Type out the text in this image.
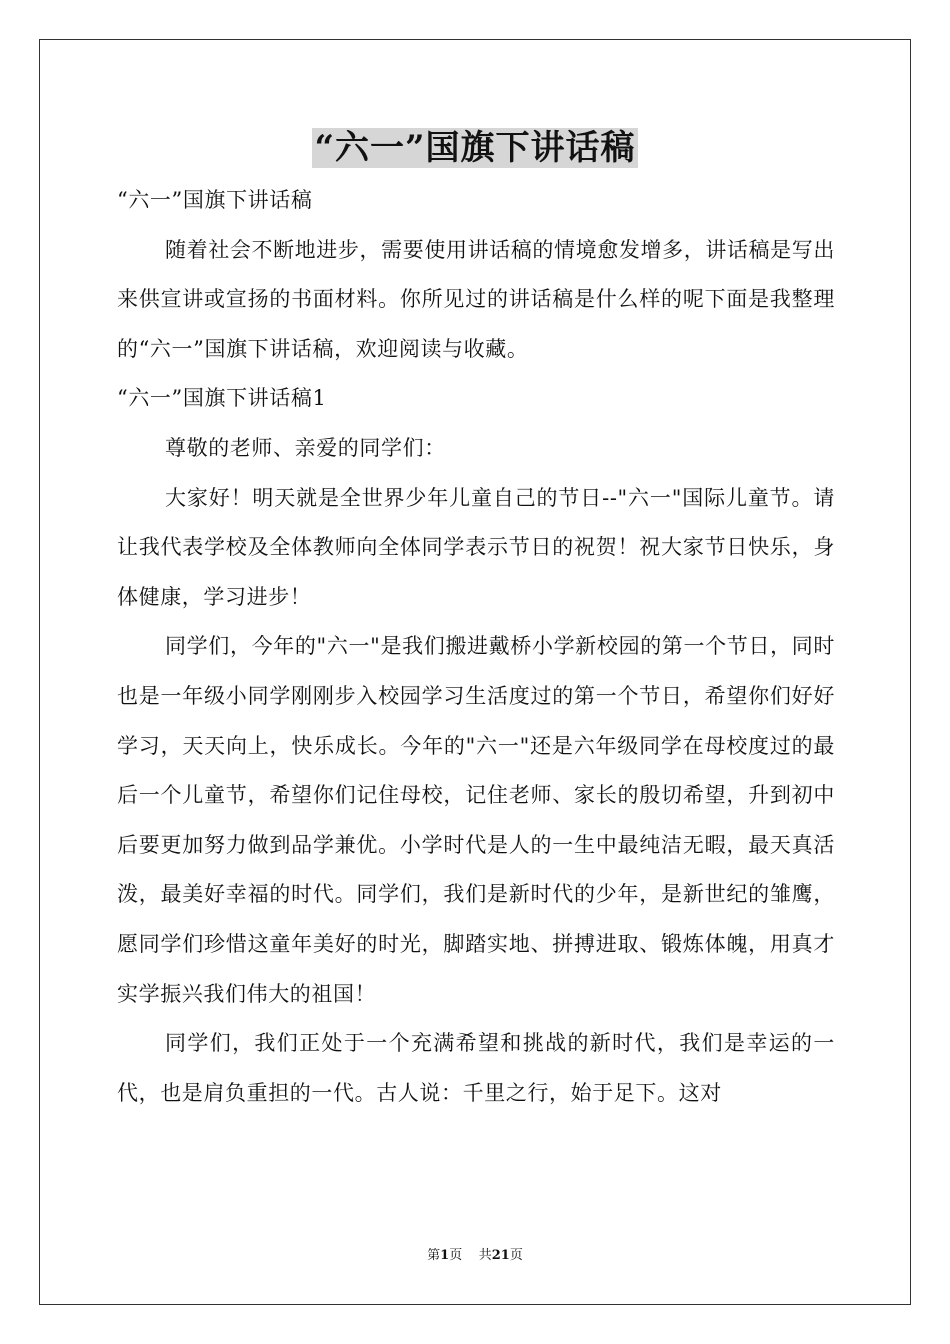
“六一”国旗下讲话稿

“六一”国旗下讲话稿

随着社会不断地进步，需要使用讲话稿的情境愈发增多，讲话稿是写出来供宣讲或宣扬的书面材料。你所见过的讲话稿是什么样的呢下面是我整理的“六一”国旗下讲话稿，欢迎阅读与收藏。

“六一”国旗下讲话稿1

尊敬的老师、亲爱的同学们：

大家好！明天就是全世界少年儿童自己的节日--"六一"国际儿童节。请让我代表学校及全体教师向全体同学表示节日的祝贺！祝大家节日快乐，身体健康，学习进步！

同学们，今年的"六一"是我们搬进戴桥小学新校园的第一个节日，同时也是一年级小同学刚刚步入校园学习生活度过的第一个节日，希望你们好好学习，天天向上，快乐成长。今年的"六一"还是六年级同学在母校度过的最后一个儿童节，希望你们记住母校，记住老师、家长的殷切希望，升到初中后要更加努力做到品学兼优。小学时代是人的一生中最纯洁无暇，最天真活泼，最美好幸福的时代。同学们，我们是新时代的少年，是新世纪的雏鹰，愿同学们珍惜这童年美好的时光，脚踏实地、拼搏进取、锻炼体魄，用真才实学振兴我们伟大的祖国！

同学们，我们正处于一个充满希望和挑战的新时代，我们是幸运的一代，也是肩负重担的一代。古人说：千里之行，始于足下。这对

第1页 共21页
